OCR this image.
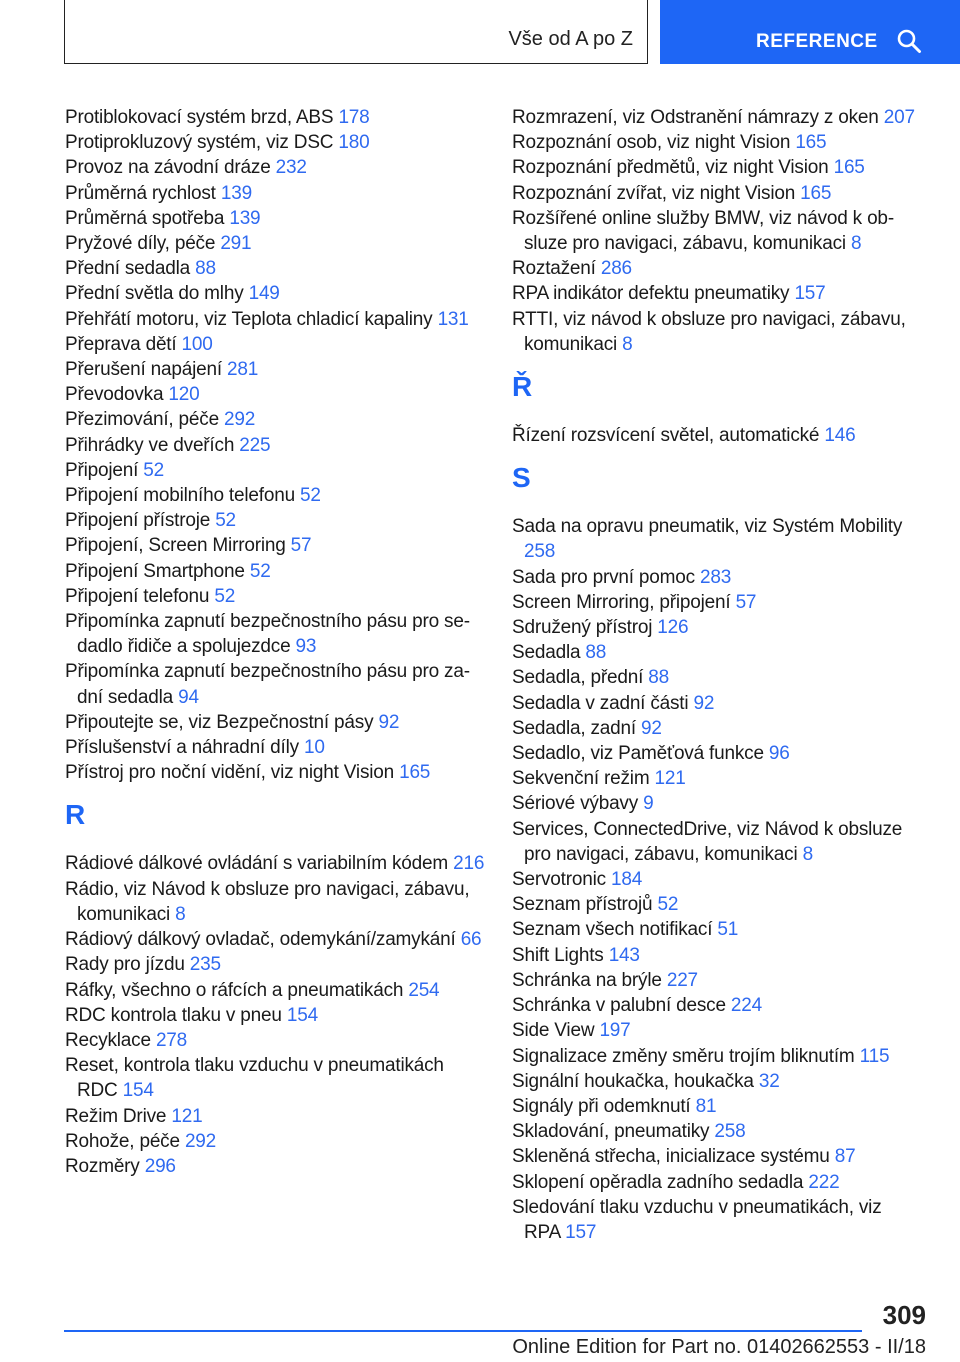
Vše od A po Z	REFERENCE
Protiblokovací systém brzd, ABS 178
Protiprokluzový systém, viz DSC 180
Provoz na závodní dráze 232
Průměrná rychlost 139
Průměrná spotřeba 139
Pryžové díly, péče 291
Přední sedadla 88
Přední světla do mlhy 149
Přehřátí motoru, viz Teplota chladicí kapaliny 131
Přeprava dětí 100
Přerušení napájení 281
Převodovka 120
Přezimování, péče 292
Přihrádky ve dveřích 225
Připojení 52
Připojení mobilního telefonu 52
Připojení přístroje 52
Připojení, Screen Mirroring 57
Připojení Smartphone 52
Připojení telefonu 52
Připomínka zapnutí bezpečnostního pásu pro sedadlo řidiče a spolujezdce 93
Připomínka zapnutí bezpečnostního pásu pro zadní sedadla 94
Připoutejte se, viz Bezpečnostní pásy 92
Příslušenství a náhradní díly 10
Přístroj pro noční vidění, viz night Vision 165
R
Rádiové dálkové ovládání s variabilním kódem 216
Rádio, viz Návod k obsluze pro navigaci, zábavu, komunikaci 8
Rádiový dálkový ovladač, odemykání/zamykání 66
Rady pro jízdu 235
Ráfky, všechno o ráfcích a pneumatikách 254
RDC kontrola tlaku v pneu 154
Recyklace 278
Reset, kontrola tlaku vzduchu v pneumatikách RDC 154
Režim Drive 121
Rohože, péče 292
Rozměry 296
Rozmrazení, viz Odstranění námrazy z oken 207
Rozpoznání osob, viz night Vision 165
Rozpoznání předmětů, viz night Vision 165
Rozpoznání zvířat, viz night Vision 165
Rozšířené online služby BMW, viz návod k obsluze pro navigaci, zábavu, komunikaci 8
Roztažení 286
RPA indikátor defektu pneumatiky 157
RTTI, viz návod k obsluze pro navigaci, zábavu, komunikaci 8
Ř
Řízení rozsvícení světel, automatické 146
S
Sada na opravu pneumatik, viz Systém Mobility 258
Sada pro první pomoc 283
Screen Mirroring, připojení 57
Sdružený přístroj 126
Sedadla 88
Sedadla, přední 88
Sedadla v zadní části 92
Sedadla, zadní 92
Sedadlo, viz Paměťová funkce 96
Sekvenční režim 121
Sériové výbavy 9
Services, ConnectedDrive, viz Návod k obsluze pro navigaci, zábavu, komunikaci 8
Servotronic 184
Seznam přístrojů 52
Seznam všech notifikací 51
Shift Lights 143
Schránka na brýle 227
Schránka v palubní desce 224
Side View 197
Signalizace změny směru trojím bliknutím 115
Signální houkačka, houkačka 32
Signály při odemknutí 81
Skladování, pneumatiky 258
Skleněná střecha, inicializace systému 87
Sklopení opěradla zadního sedadla 222
Sledování tlaku vzduchu v pneumatikách, viz RPA 157
309
Online Edition for Part no. 01402662553 - II/18
